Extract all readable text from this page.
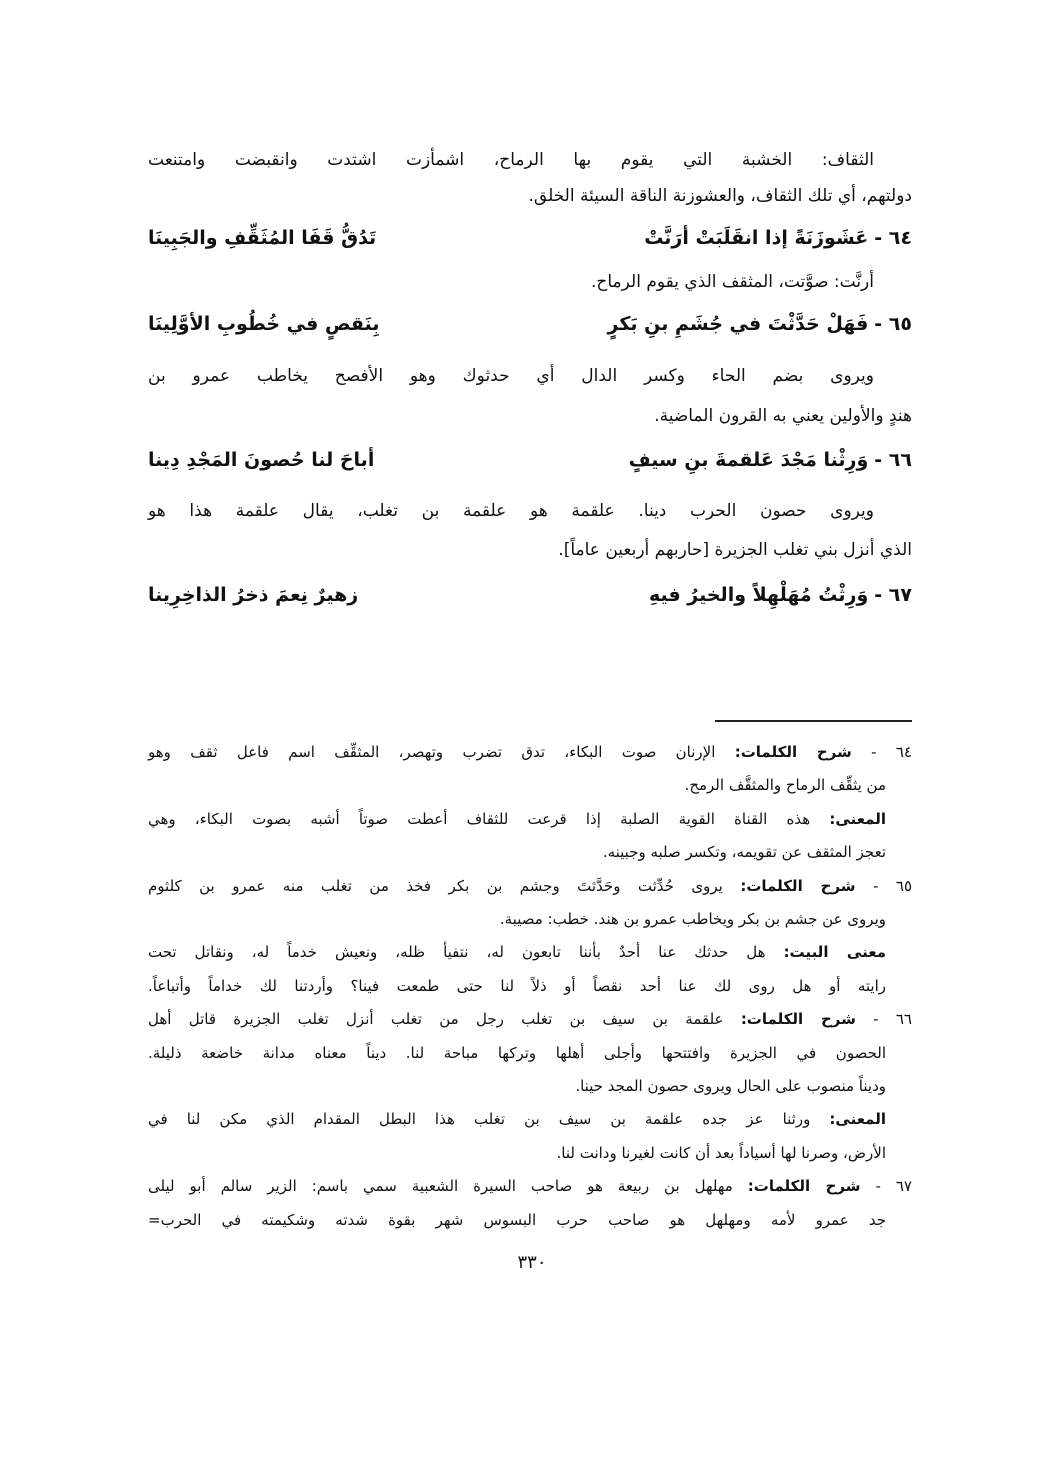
الثقاف: الخشبة التي يقوم بها الرماح، اشمأزت اشتدت وانقبضت وامتنعت
دولتهم، أي تلك الثقاف، والعشوزنة الناقة السيئة الخلق.
٦٤ -
عَشَوزَنَةً إذا انقَلَبَتْ أرَنَّتْ
تَدُقُّ قَفَا المُثَقِّفِ والجَبِينَا
أرنَّت: صوَّتت، المثقف الذي يقوم الرماح.
٦٥ -
فَهَلْ حَدَّثْتَ في جُشَمِ بنِ بَكرٍ
بِنَقصٍ في خُطُوبِ الأوَّلِينَا
ويروى بضم الحاء وكسر الدال أي حدثوك وهو الأفصح يخاطب عمرو بن
هندٍ والأولين يعني به القرون الماضية.
٦٦ -
وَرِثْنا مَجْدَ عَلقمةَ بنِ سيفٍ
أباحَ لنا حُصونَ المَجْدِ دِينا
ويروى حصون الحرب دينا. علقمة هو علقمة بن تغلب، يقال علقمة هذا هو
الذي أنزل بني تغلب الجزيرة [حاربهم أربعين عاماً].
٦٧ -
وَرِثْتُ مُهَلْهِلاً والخيرُ فيهِ
زهيرٌ نِعمَ ذخرُ الذاخِرِينا
٦٤ - شرح الكلمات: الإرنان صوت البكاء، تدق تضرب وتهصر، المثقِّف اسم فاعل ثقف وهو
من يثقِّف الرماح والمثقَّف الرمح.
المعنى: هذه القناة القوية الصلبة إذا قرعت للثقاف أعطت صوتاً أشبه بصوت البكاء، وهي
تعجز المثقف عن تقويمه، وتكسر صلبه وجبينه.
٦٥ - شرح الكلمات: يروى حُدِّثت وحَدَّثتَ وجشم بن بكر فخذ من تغلب منه عمرو بن كلثوم
ويروى عن جشم بن بكر ويخاطب عمرو بن هند. خطب: مصيبة.
معنى البيت: هل حدثك عنا أحدٌ بأننا تابعون له، نتفيأ ظله، ونعيش خدماً له، ونقاتل تحت
رايته أو هل روى لك عنا أحد نقصاً أو ذلاً لنا حتى طمعت فينا؟ وأردتنا لك خداماً وأتباعاً.
٦٦ - شرح الكلمات: علقمة بن سيف بن تغلب رجل من تغلب أنزل تغلب الجزيرة قاتل أهل
الحصون في الجزيرة وافتتحها وأجلى أهلها وتركها مباحة لنا. ديناً معناه مدانة خاضعة ذليلة.
وديناً منصوب على الحال ويروى حصون المجد حينا.
المعنى: ورثنا عز جده علقمة بن سيف بن تغلب هذا البطل المقدام الذي مكن لنا في
الأرض، وصرنا لها أسياداً بعد أن كانت لغيرنا ودانت لنا.
٦٧ - شرح الكلمات: مهلهل بن ربيعة هو صاحب السيرة الشعبية سمي باسم: الزير سالم أبو ليلى
جد عمرو لأمه ومهلهل هو صاحب حرب البسوس شهر بقوة شدته وشكيمته في الحرب=
٣٣٠
